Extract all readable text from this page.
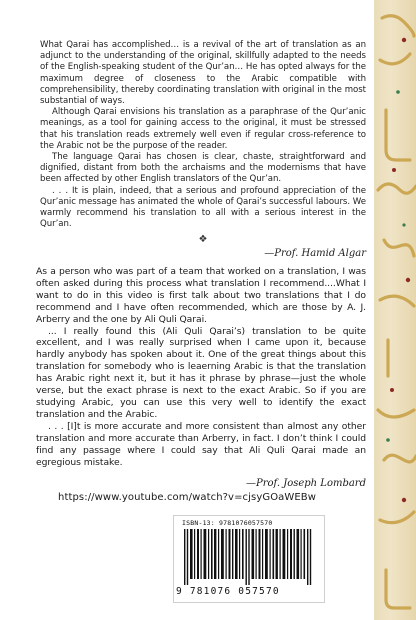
What Qarai has accomplished… is a revival of the art of translation as an adjunct to the understanding of the original, skillfully adapted to the needs of the English-speaking student of the Qur’an… He has opted always for the maximum degree of closeness to the Arabic compatible with comprehensibility, thereby coordinating translation with original in the most substantial of ways.

Although Qarai envisions his translation as a paraphrase of the Qur’anic meanings, as a tool for gaining access to the original, it must be stressed that his translation reads extremely well even if regular cross-reference to the Arabic not be the purpose of the reader.

The language Qarai has chosen is clear, chaste, straightforward and dignified, distant from both the archaisms and the modernisms that have been affected by other English translators of the Qur’an.

. . . It is plain, indeed, that a serious and profound appreciation of the Qur’anic message has animated the whole of Qarai’s successful labours. We warmly recommend his translation to all with a serious interest in the Qur’an.

❖

—Prof. Hamid Algar

As a person who was part of a team that worked on a translation, I was often asked during this process what translation I recommend....What I want to do in this video is first talk about two translations that I do recommend and I have often recommended, which are those by A. J. Arberry and the one by Ali Quli Qarai.

... I really found this (Ali Quli Qarai’s) translation to be quite excellent, and I was really surprised when I came upon it, because hardly anybody has spoken about it. One of the great things about this translation for somebody who is leaerning Arabic is that the translation has Arabic right next it, but it has it phrase by phrase—just the whole verse, but the exact phrase is next to the exact Arabic. So if you are studying Arabic, you can use this very well to identify the exact translation and the Arabic.

. . . [I]t is more accurate and more consistent than almost any other translation and more accurate than Arberry, in fact. I don’t think I could find any passage where I could say that Ali Quli Qarai made an egregious mistake.

—Prof. Joseph Lombard

https://www.youtube.com/watch?v=cjsyGOaWEBw

ISBN-13: 9781076057570
9 781076 057570
